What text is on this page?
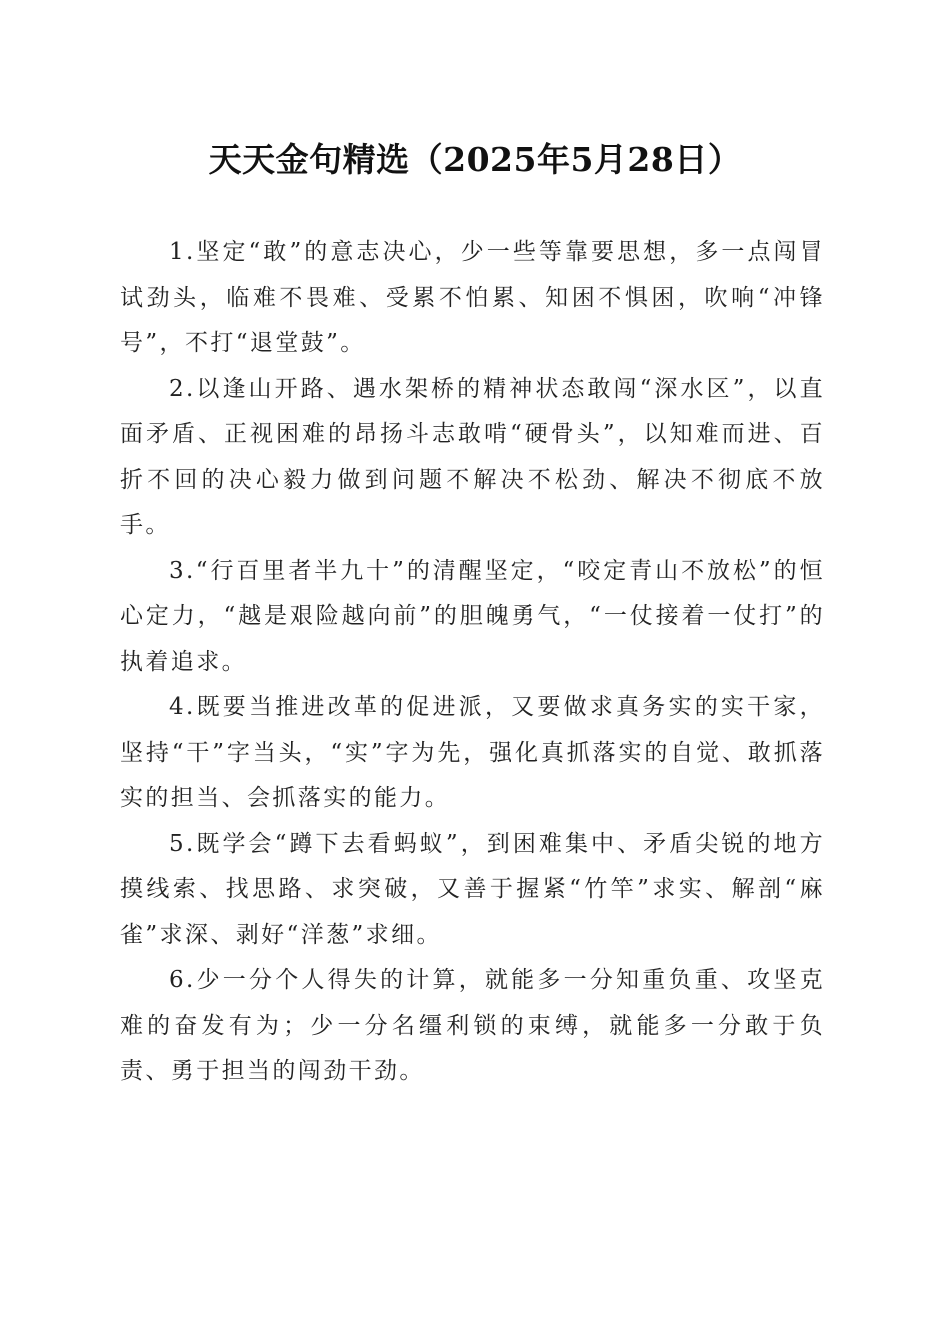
天天金句精选（2025年5月28日）

1.坚定“敢”的意志决心，少一些等靠要思想，多一点闯冒试劲头，临难不畏难、受累不怕累、知困不惧困，吹响“冲锋号”，不打“退堂鼓”。

2.以逢山开路、遇水架桥的精神状态敢闯“深水区”，以直面矛盾、正视困难的昂扬斗志敢啃“硬骨头”，以知难而进、百折不回的决心毅力做到问题不解决不松劲、解决不彻底不放手。

3.“行百里者半九十”的清醒坚定，“咬定青山不放松”的恒心定力，“越是艰险越向前”的胆魄勇气，“一仗接着一仗打”的执着追求。

4.既要当推进改革的促进派，又要做求真务实的实干家，坚持“干”字当头，“实”字为先，强化真抓落实的自觉、敢抓落实的担当、会抓落实的能力。

5.既学会“蹲下去看蚂蚁”，到困难集中、矛盾尖锐的地方摸线索、找思路、求突破，又善于握紧“竹竿”求实、解剖“麻雀”求深、剥好“洋葱”求细。

6.少一分个人得失的计算，就能多一分知重负重、攻坚克难的奋发有为；少一分名缰利锁的束缚，就能多一分敢于负责、勇于担当的闯劲干劲。
